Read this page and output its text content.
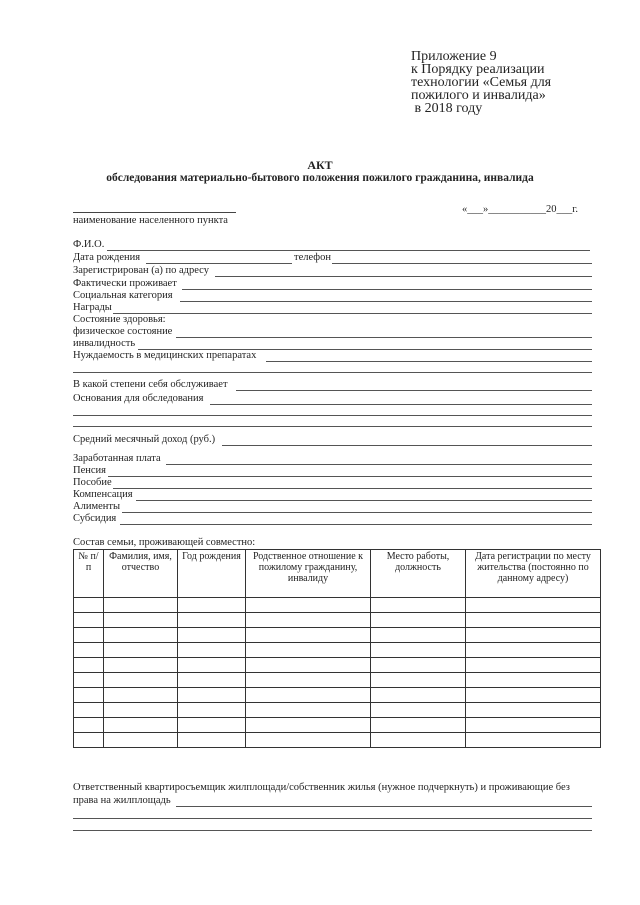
Приложение 9
к Порядку реализации
технологии «Семья для
пожилого и инвалида»
в 2018 году
АКТ
обследования материально-бытового положения пожилого гражданина, инвалида
наименование населенного пункта
«___»___________20___г.
Ф.И.О.
Дата рождения	телефон
Зарегистрирован (а) по адресу
Фактически проживает
Социальная категория
Награды
Состояние здоровья:
физическое состояние
инвалидность
Нуждаемость в медицинских препаратах
В какой степени себя обслуживает
Основания для обследования
Средний месячный доход (руб.)
Заработанная плата
Пенсия
Пособие
Компенсация
Алименты
Субсидия
Состав семьи, проживающей совместно:
№ п/п	Фамилия, имя, отчество	Год рождения	Родственное отношение к пожилому гражданину, инвалиду	Место работы, должность	Дата регистрации по месту жительства (постоянно по данному адресу)

Ответственный квартиросъемщик жилплощади/собственник жилья (нужное подчеркнуть) и проживающие без
права на жилплощадь
